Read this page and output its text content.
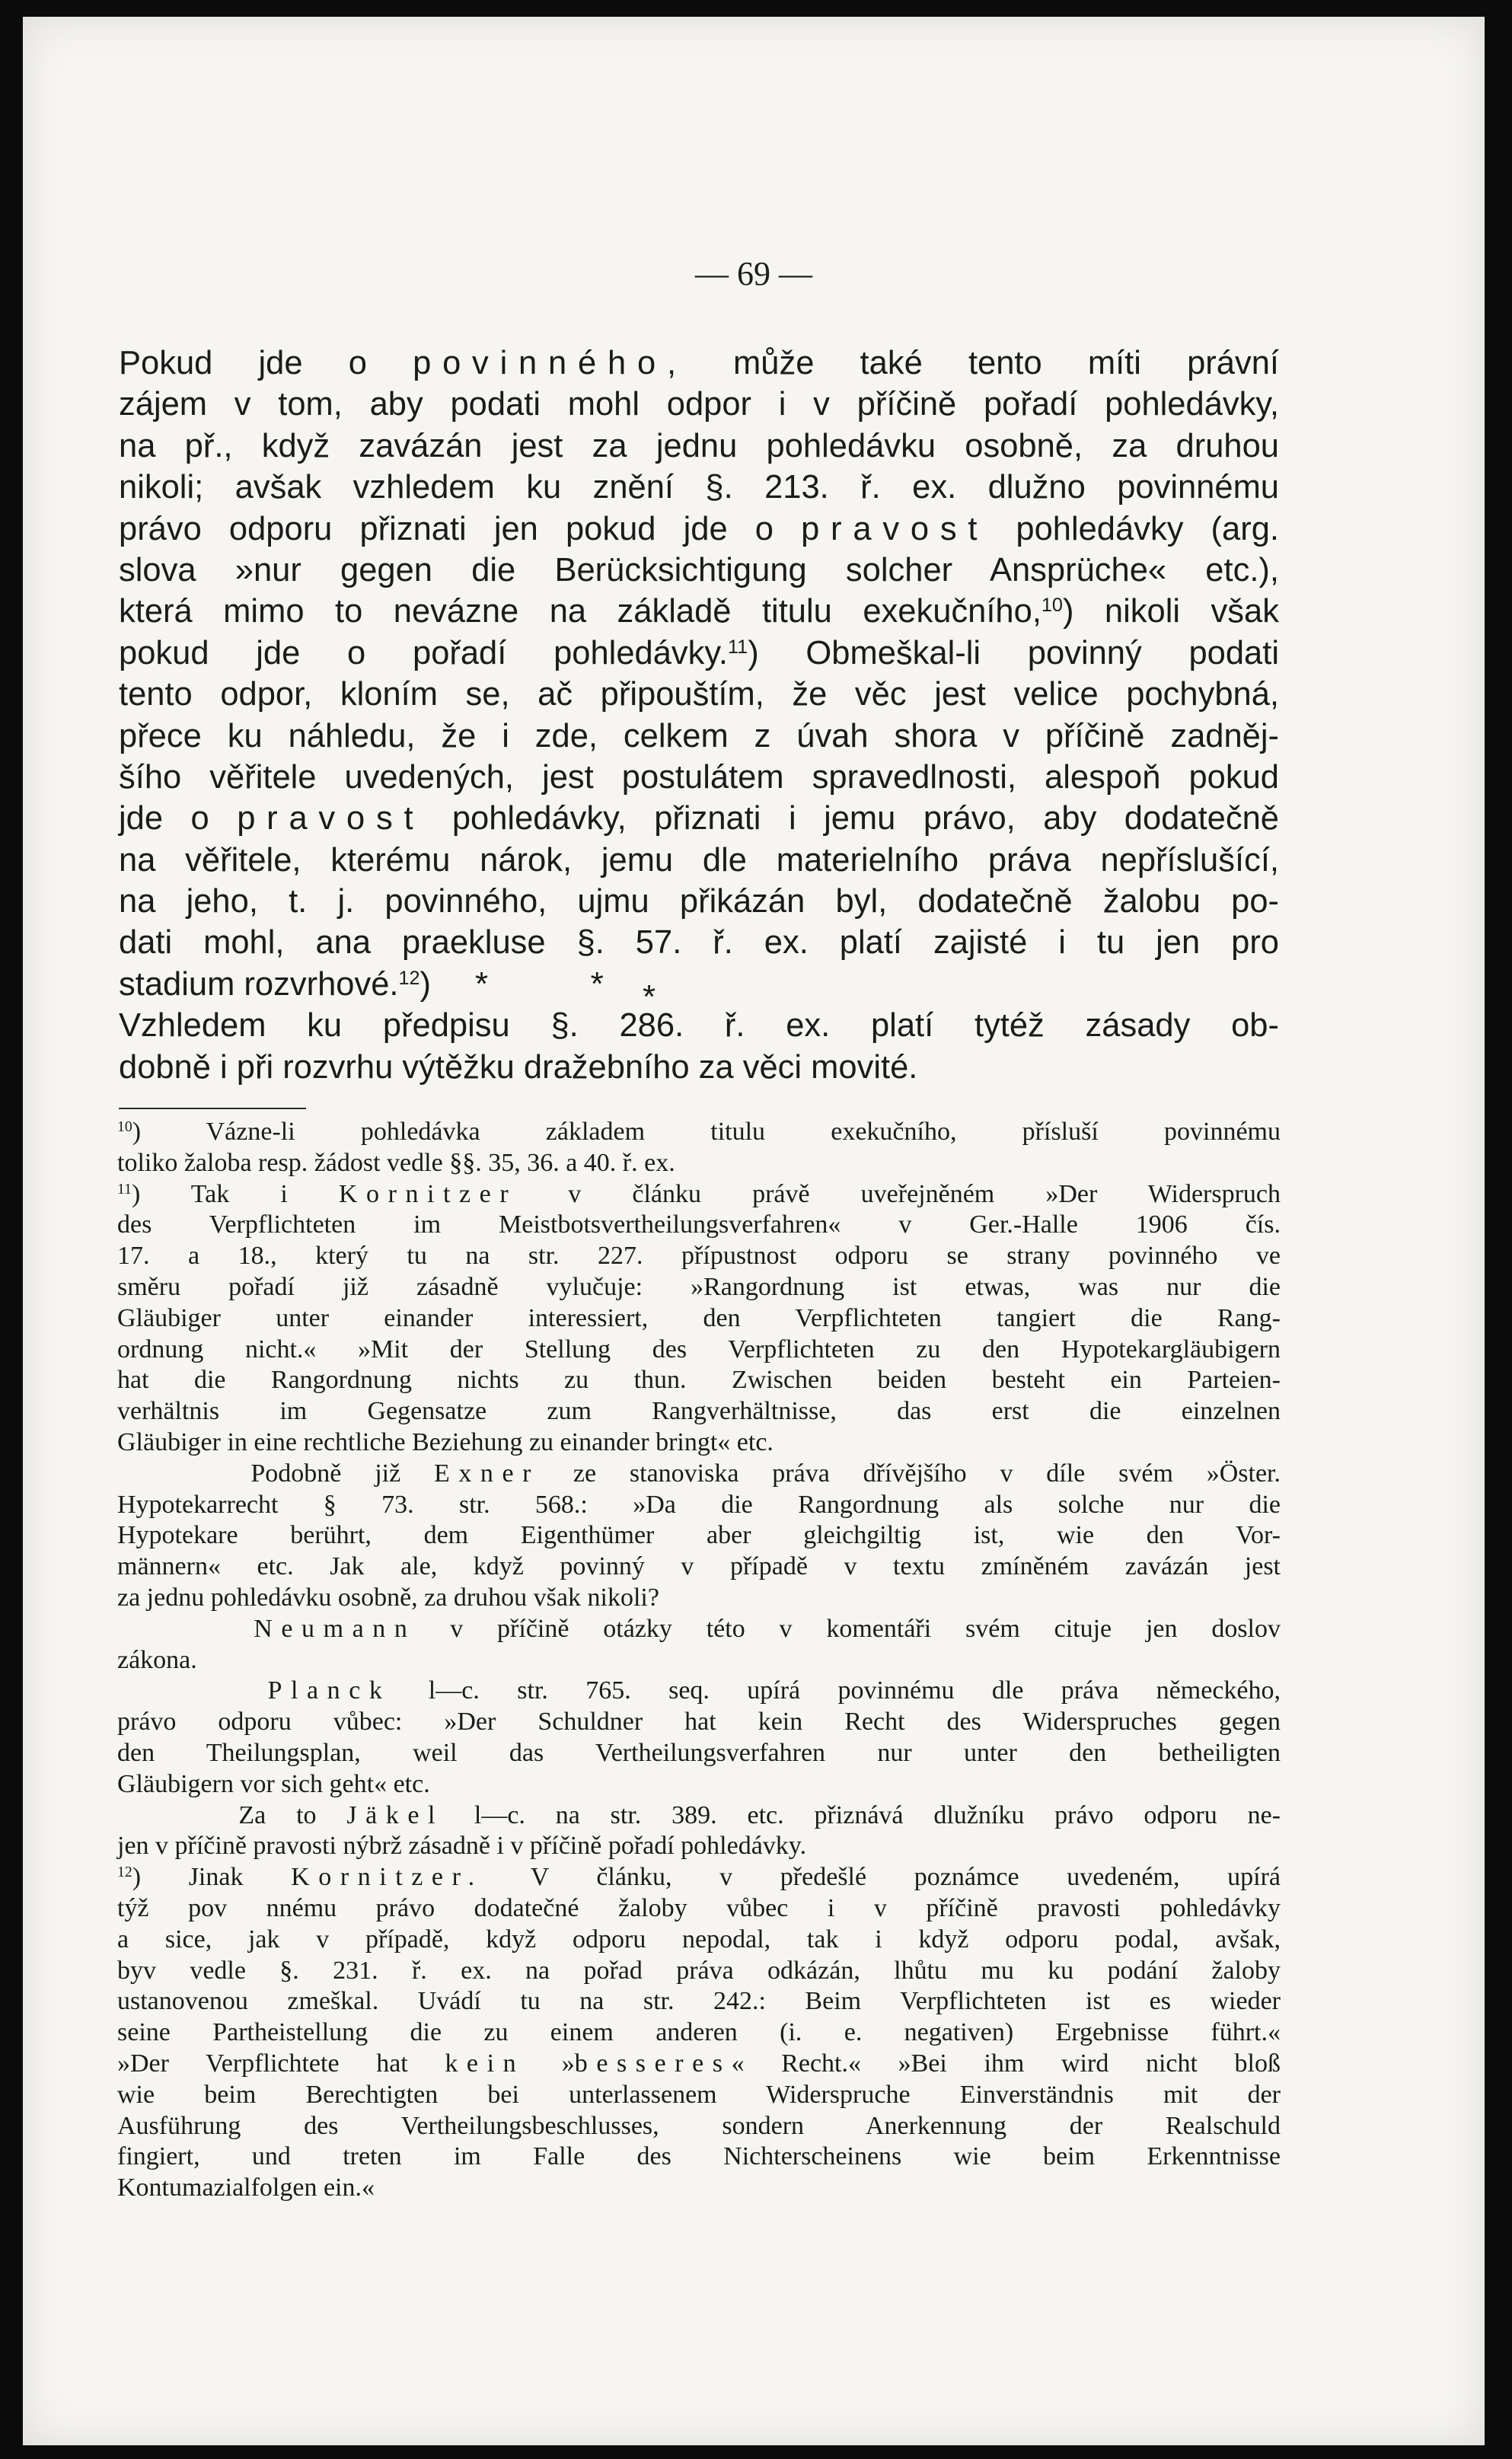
— 69 —
Pokud jde o povinného, může také tento míti právní
zájem v tom, aby podati mohl odpor i v příčině pořadí pohledávky,
na př., když zavázán jest za jednu pohledávku osobně, za druhou
nikoli; avšak vzhledem ku znění §. 213. ř. ex. dlužno povinnému
právo odporu přiznati jen pokud jde o pravost pohledávky (arg.
slova »nur gegen die Berücksichtigung solcher Ansprüche« etc.),
která mimo to nevázne na základě titulu exekučního,$^{10}$) nikoli však
pokud jde o pořadí pohledávky.$^{11}$) Obmeškal-li povinný podati
tento odpor, kloním se, ač připouštím, že věc jest velice pochybná,
přece ku náhledu, že i zde, celkem z úvah shora v příčině zadněj-
šího věřitele uvedených, jest postulátem spravedlnosti, alespoň pokud
jde o pravost pohledávky, přiznati i jemu právo, aby dodatečně
na věřitele, kterému nárok, jemu dle materielního práva nepříslušící,
na jeho, t. j. povinného, ujmu přikázán byl, dodatečně žalobu po-
dati mohl, ana praekluse §. 57. ř. ex. platí zajisté i tu jen pro
stadium rozvrhové.$^{12}$) *           *
Vzhledem ku předpisu §. 286. ř. ex. platí tytéž zásady ob-
dobně i při rozvrhu výtěžku dražebního za věci movité.
*
$^{10}$) Vázne-li pohledávka základem titulu exekučního, přísluší povinnému
toliko žaloba resp. žádost vedle §§. 35, 36. a 40. ř. ex.
$^{11}$) Tak i Kornitzer v článku právě uveřejněném »Der Widerspruch
des Verpflichteten im Meistbotsvertheilungsverfahren« v Ger.-Halle 1906 čís.
17. a 18., který tu na str. 227. přípustnost odporu se strany povinného ve
směru pořadí již zásadně vylučuje: »Rangordnung ist etwas, was nur die
Gläubiger unter einander interessiert, den Verpflichteten tangiert die Rang-
ordnung nicht.« »Mit der Stellung des Verpflichteten zu den Hypotekargläubigern
hat die Rangordnung nichts zu thun. Zwischen beiden besteht ein Parteien-
verhältnis im Gegensatze zum Rangverhältnisse, das erst die einzelnen
Gläubiger in eine rechtliche Beziehung zu einander bringt« etc.
Podobně již Exner ze stanoviska práva dřívějšího v díle svém »Öster.
Hypotekarrecht § 73. str. 568.: »Da die Rangordnung als solche nur die
Hypotekare berührt, dem Eigenthümer aber gleichgiltig ist, wie den Vor-
männern« etc. Jak ale, když povinný v případě v textu zmíněném zavázán jest
za jednu pohledávku osobně, za druhou však nikoli?
Neumann v příčině otázky této v komentáři svém cituje jen doslov
zákona.
Planck l—c. str. 765. seq. upírá povinnému dle práva německého,
právo odporu vůbec: »Der Schuldner hat kein Recht des Widerspruches gegen
den Theilungsplan, weil das Vertheilungsverfahren nur unter den betheiligten
Gläubigern vor sich geht« etc.
Za to Jäkel l—c. na str. 389. etc. přiznává dlužníku právo odporu ne-
jen v příčině pravosti nýbrž zásadně i v příčině pořadí pohledávky.
$^{12}$) Jinak Kornitzer. V článku, v předešlé poznámce uvedeném, upírá
týž pov nnému právo dodatečné žaloby vůbec i v příčině pravosti pohledávky
a sice, jak v případě, když odporu nepodal, tak i když odporu podal, avšak,
byv vedle §. 231. ř. ex. na pořad práva odkázán, lhůtu mu ku podání žaloby
ustanovenou zmeškal. Uvádí tu na str. 242.: Beim Verpflichteten ist es wieder
seine Partheistellung die zu einem anderen (i. e. negativen) Ergebnisse führt.«
»Der Verpflichtete hat kein »besseres« Recht.« »Bei ihm wird nicht bloß
wie beim Berechtigten bei unterlassenem Widerspruche Einverständnis mit der
Ausführung des Vertheilungsbeschlusses, sondern Anerkennung der Realschuld
fingiert, und treten im Falle des Nichterscheinens wie beim Erkenntnisse
Kontumazialfolgen ein.«
